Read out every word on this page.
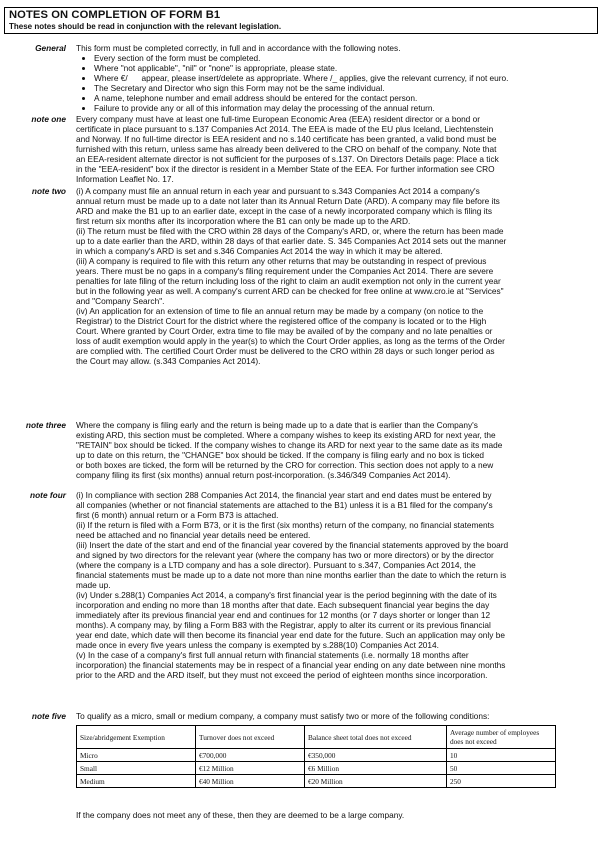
NOTES ON COMPLETION OF FORM B1
These notes should be read in conjunction with the relevant legislation.
General This form must be completed correctly, in full and in accordance with the following notes.

• Every section of the form must be completed.
• Where "not applicable", "nil" or "none" is appropriate, please state.
• Where €/      appear, please insert/delete as appropriate. Where /_ applies, give the relevant currency, if not euro.
• The Secretary and Director who sign this Form may not be the same individual.
• A name, telephone number and email address should be entered for the contact person.
• Failure to provide any or all of this information may delay the processing of the annual return.
note one Every company must have at least one full-time European Economic Area (EEA) resident director or a bond or

certificate in place pursuant to s.137 Companies Act 2014. The EEA is made of the EU plus Iceland, Liechtenstein

and Norway. If no full-time director is EEA resident and no s.140 certificate has been granted, a valid bond must be

furnished with this return, unless same has already been delivered to the CRO on behalf of the company. Note that

an EEA-resident alternate director is not sufficient for the purposes of s.137. On Directors Details page: Place a tick

in the "EEA-resident" box if the director is resident in a Member State of the EEA. For further information see CRO

Information Leaflet No. 17.

note two (i) A company must file an annual return in each year and pursuant to s.343 Companies Act 2014 a company's

annual return must be made up to a date not later than its Annual Return Date (ARD). A company may file before its

ARD and make the B1 up to an earlier date, except in the case of a newly incorporated company which is filing its

first return six months after its incorporation where the B1 can only be made up to the ARD.

(ii) The return must be filed with the CRO within 28 days of the Company's ARD, or, where the return has been made

up to a date earlier than the ARD, within 28 days of that earlier date. S. 345 Companies Act 2014 sets out the manner

in which a company's ARD is set and s.346 Companies Act 2014 the way in which it may be altered.

(iii) A company is required to file with this return any other returns that may be outstanding in respect of previous

years. There must be no gaps in a company's filing requirement under the Companies Act 2014. There are severe

penalties for late filing of the return including loss of the right to claim an audit exemption not only in the current year

but in the following year as well. A company's current ARD can be checked for free online at www.cro.ie at "Services"

and "Company Search".

(iv) An application for an extension of time to file an annual return may be made by a company (on notice to the

Registrar) to the District Court for the district where the registered office of the company is located or to the High

Court. Where granted by Court Order, extra time to file may be availed of by the company and no late penalties or

loss of audit exemption would apply in the year(s) to which the Court Order applies, as long as the terms of the Order

are complied with. The certified Court Order must be delivered to the CRO within 28 days or such longer period as

the Court may allow. (s.343 Companies Act 2014).

note three Where the company is filing early and the return is being made up to a date that is earlier than the Company's

existing ARD, this section must be completed. Where a company wishes to keep its existing ARD for next year, the

"RETAIN" box should be ticked. If the company wishes to change its ARD for next year to the same date as its made

up to date on this return, the "CHANGE" box should be ticked. If the company is filing early and no box is ticked

or both boxes are ticked, the form will be returned by the CRO for correction. This section does not apply to a new

company filing its first (six months) annual return post-incorporation. (s.346/349 Companies Act 2014).

note four (i) In compliance with section 288 Companies Act 2014, the financial year start and end dates must be entered by

all companies (whether or not financial statements are attached to the B1) unless it is a B1 filed for the company's

first (6 month) annual return or a Form B73 is attached.

(ii) If the return is filed with a Form B73, or it is the first (six months) return of the company, no financial statements

need be attached and no financial year details need be entered.

(iii) Insert the date of the start and end of the financial year covered by the financial statements approved by the board

and signed by two directors for the relevant year (where the company has two or more directors) or by the director

(where the company is a LTD company and has a sole director). Pursuant to s.347, Companies Act 2014, the

financial statements must be made up to a date not more than nine months earlier than the date to which the return is

made up.

(iv) Under s.288(1) Companies Act 2014, a company's first financial year is the period beginning with the date of its

incorporation and ending no more than 18 months after that date. Each subsequent financial year begins the day

immediately after its previous financial year end and continues for 12 months (or 7 days shorter or longer than 12

months). A company may, by filing a Form B83 with the Registrar, apply to alter its current or its previous financial

year end date, which date will then become its financial year end date for the future. Such an application may only be

made once in every five years unless the company is exempted by s.288(10) Companies Act 2014.

(v) In the case of a company's first full annual return with financial statements (i.e. normally 18 months after

incorporation) the financial statements may be in respect of a financial year ending on any date between nine months

prior to the ARD and the ARD itself, but they must not exceed the period of eighteen months since incorporation.

note five To qualify as a micro, small or medium company, a company must satisfy two or more of the following conditions:

Size/abridgement Exemption	Turnover does not exceed	Balance sheet total does not exceed	Average number of employees does not exceed
Micro	€700,000	€350,000	10
Small	€12 Million	€6 Million	50
Medium	€40 Million	€20 Million	250
If the company does not meet any of these, then they are deemed to be a large company.
